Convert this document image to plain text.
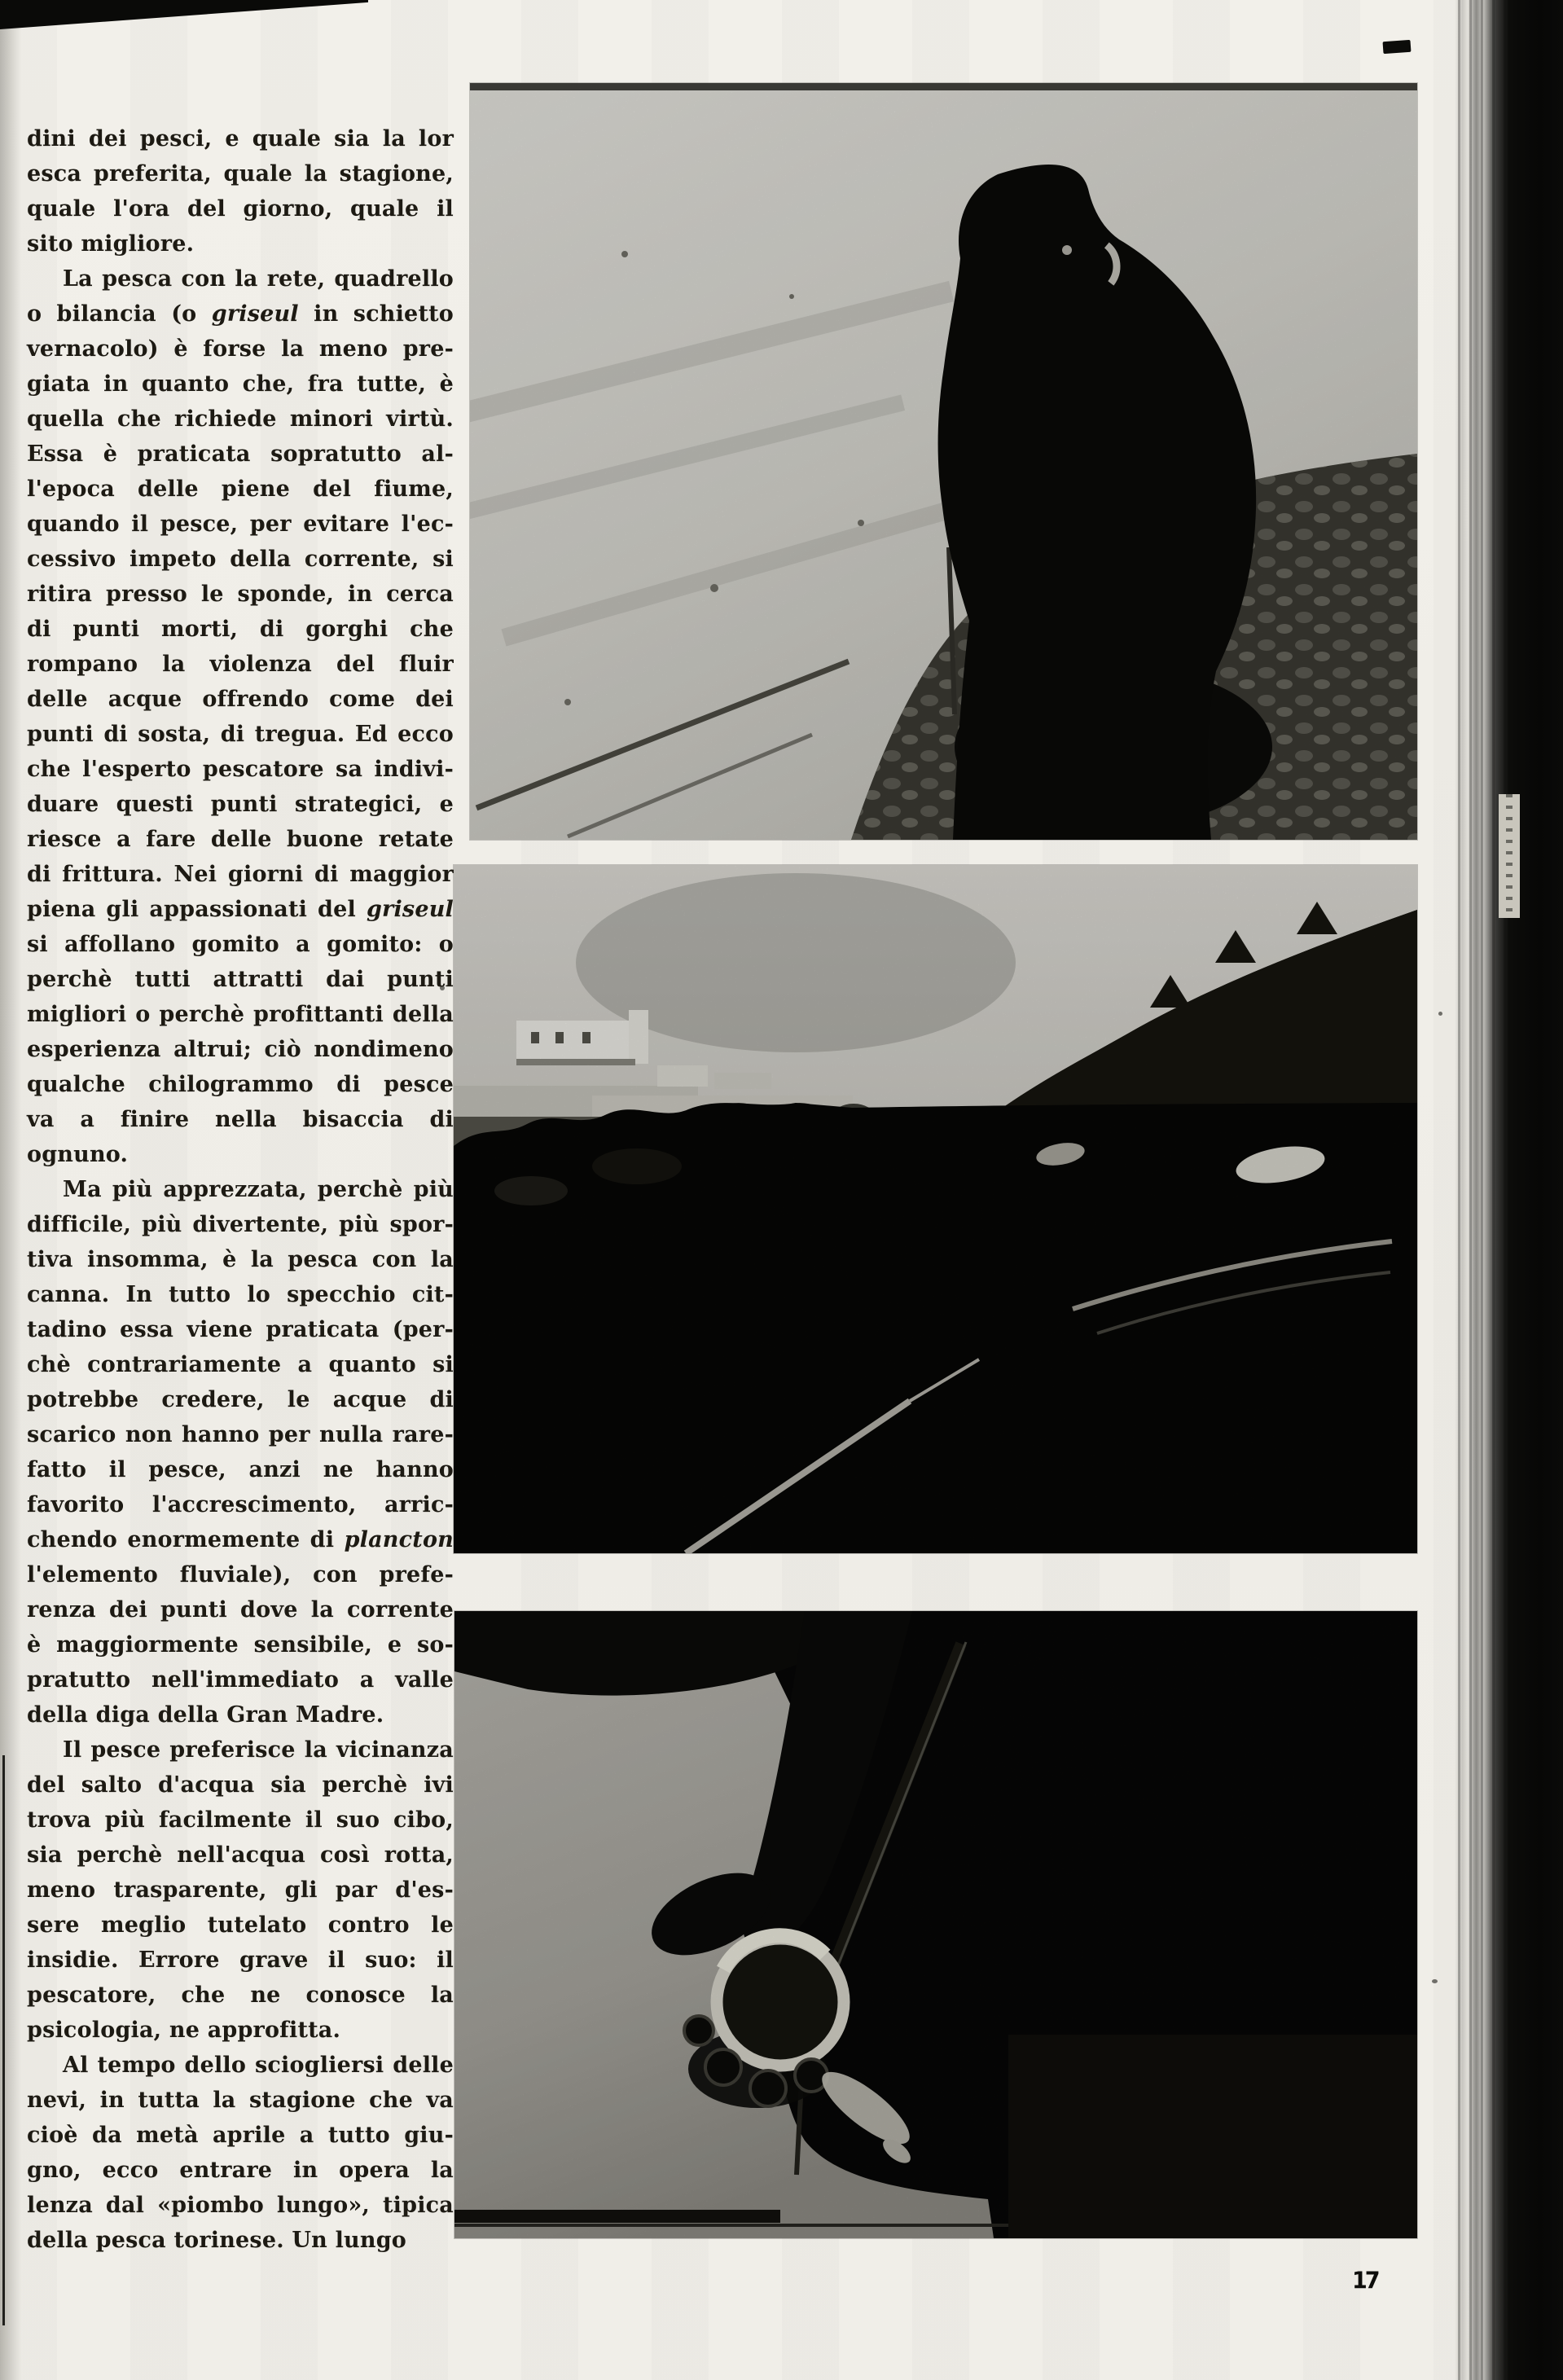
dini dei pesci, e quale sia la lor
esca preferita, quale la stagione,
quale l'ora del giorno, quale il
sito migliore.
La pesca con la rete, quadrello
o bilancia (o griseul in schietto
vernacolo) è forse la meno pre-
giata in quanto che, fra tutte, è
quella che richiede minori virtù.
Essa è praticata sopratutto al-
l'epoca delle piene del fiume,
quando il pesce, per evitare l'ec-
cessivo impeto della corrente, si
ritira presso le sponde, in cerca
di punti morti, di gorghi che
rompano la violenza del fluir
delle acque offrendo come dei
punti di sosta, di tregua. Ed ecco
che l'esperto pescatore sa indivi-
duare questi punti strategici, e
riesce a fare delle buone retate
di frittura. Nei giorni di maggior
piena gli appassionati del griseul
si affollano gomito a gomito: o
perchè tutti attratti dai punti
migliori o perchè profittanti della
esperienza altrui; ciò nondimeno
qualche chilogrammo di pesce
va a finire nella bisaccia di
ognuno.
Ma più apprezzata, perchè più
difficile, più divertente, più spor-
tiva insomma, è la pesca con la
canna. In tutto lo specchio cit-
tadino essa viene praticata (per-
chè contrariamente a quanto si
potrebbe credere, le acque di
scarico non hanno per nulla rare-
fatto il pesce, anzi ne hanno
favorito l'accrescimento, arric-
chendo enormemente di plancton
l'elemento fluviale), con prefe-
renza dei punti dove la corrente
è maggiormente sensibile, e so-
pratutto nell'immediato a valle
della diga della Gran Madre.
Il pesce preferisce la vicinanza
del salto d'acqua sia perchè ivi
trova più facilmente il suo cibo,
sia perchè nell'acqua così rotta,
meno trasparente, gli par d'es-
sere meglio tutelato contro le
insidie. Errore grave il suo: il
pescatore, che ne conosce la
psicologia, ne approfitta.
Al tempo dello sciogliersi delle
nevi, in tutta la stagione che va
cioè da metà aprile a tutto giu-
gno, ecco entrare in opera la
lenza dal «piombo lungo», tipica
della pesca torinese. Un lungo
17
